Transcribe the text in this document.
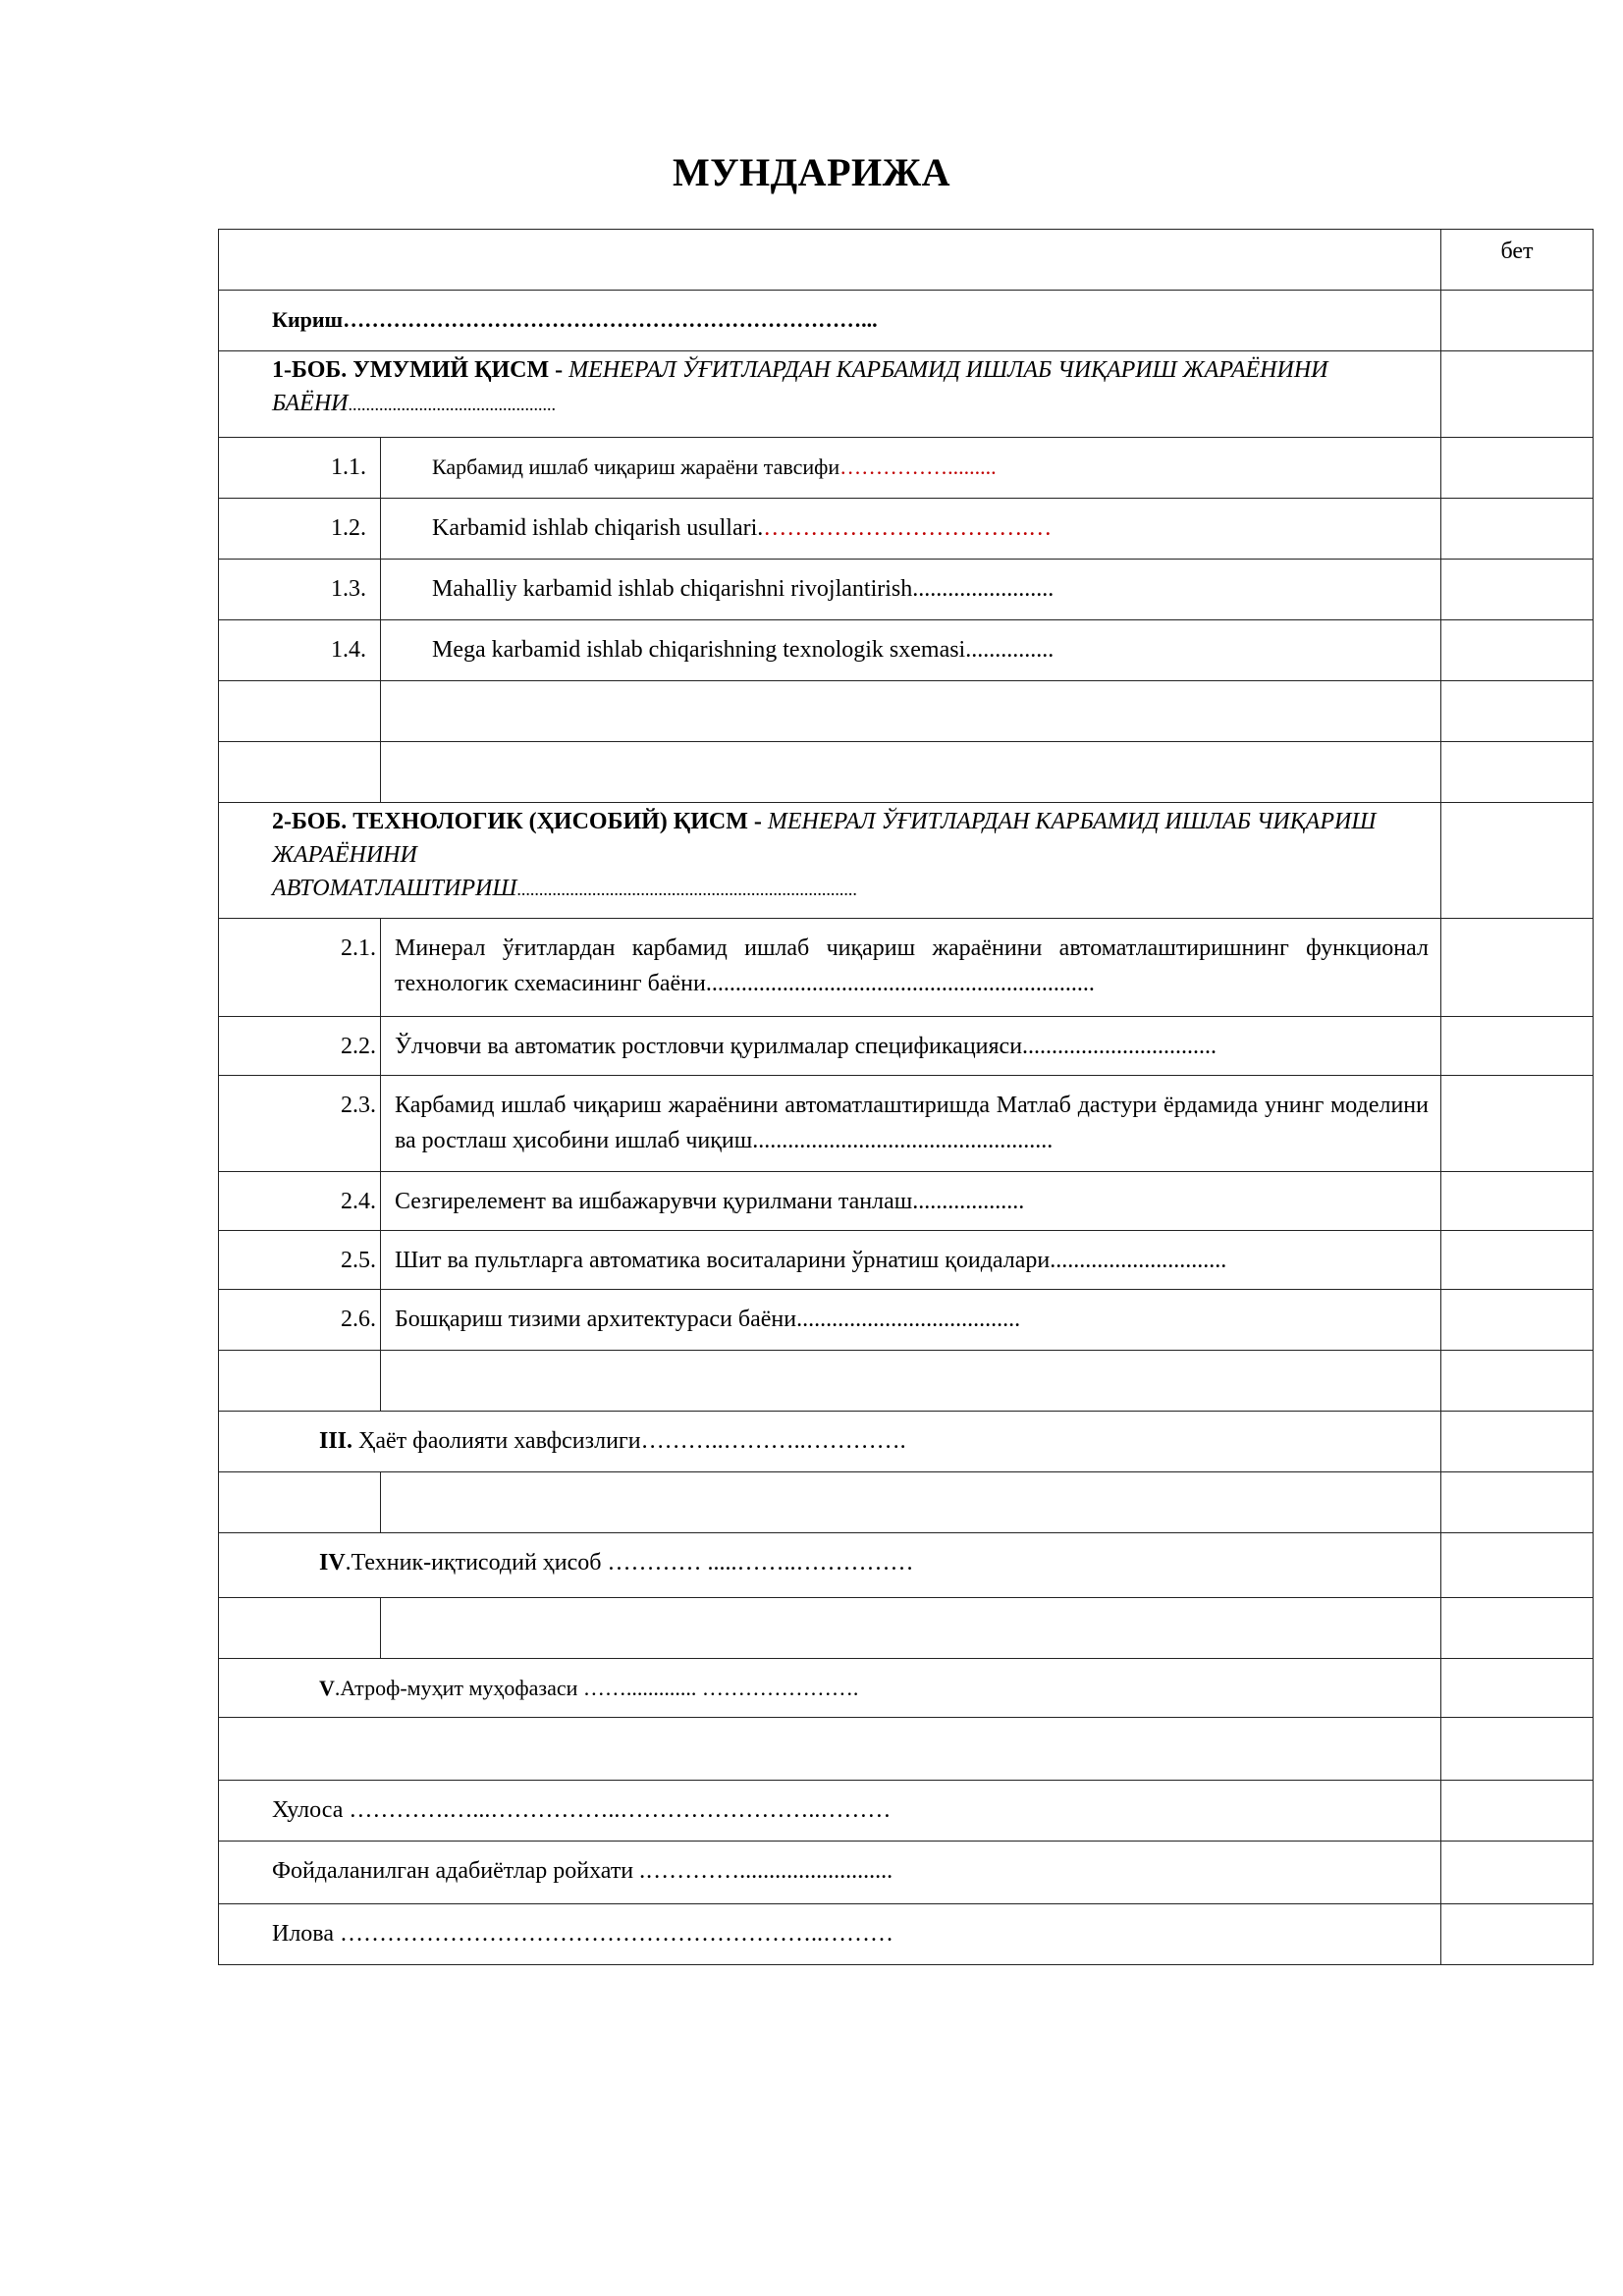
МУНДАРИЖА
		бет
Кириш………………………………………………………………...		
1-БОБ. УМУМИЙ ҚИСМ - МЕНЕРАЛ ЎҒИТЛАРДАН КАРБАМИД ИШЛАБ ЧИҚАРИШ ЖАРАЁНИНИ БАЁНИ...............................................		
1.1.	Карбамид ишлаб чиқариш жараёни тавсифи…………….........	
1.2.	Karbamid ishlab chiqarish usullari.…………………………….…	
1.3.	Mahalliy karbamid ishlab chiqarishni rivojlantirish........................	
1.4.	Mega karbamid ishlab chiqarishning texnologik sxemasi...............	

2-БОБ. ТЕХНОЛОГИК (ҲИСОБИЙ) ҚИСМ - МЕНЕРАЛ ЎҒИТЛАРДАН КАРБАМИД ИШЛАБ ЧИҚАРИШ ЖАРАЁНИНИ
АВТОМАТЛАШТИРИШ.............................................................................		
2.1.	Минерал ўғитлардан карбамид ишлаб чиқариш жараёнини автоматлаштиришнинг функционал технологик схемасининг баёни..................................................................	
2.2.	Ўлчовчи ва автоматик ростловчи қурилмалар спецификацияси.................................	
2.3.	Карбамид ишлаб чиқариш жараёнини автоматлаштиришда Матлаб дастури ёрдамида унинг моделини ва ростлаш ҳисобини ишлаб чиқиш...................................................	
2.4.	Сезгирелемент ва ишбажарувчи қурилмани танлаш...................	
2.5.	Шит ва пультларга автоматика воситаларини ўрнатиш қоидалари..............................	
2.6.	Бошқариш тизими архитектураси баёни......................................	

III. Ҳаёт фаолияти хавфсизлиги………..………..………….		

IV.Техник-иқтисодий ҳисоб ………… .....……..……………		

V.Атроф-муҳит муҳофазаси ……............. ………………….		

Хулоса ………….…...……………..……………………..………		
Фойдаланилган адабиётлар ройхати .…………..........................		
Илова ……………………………………………………..………		
